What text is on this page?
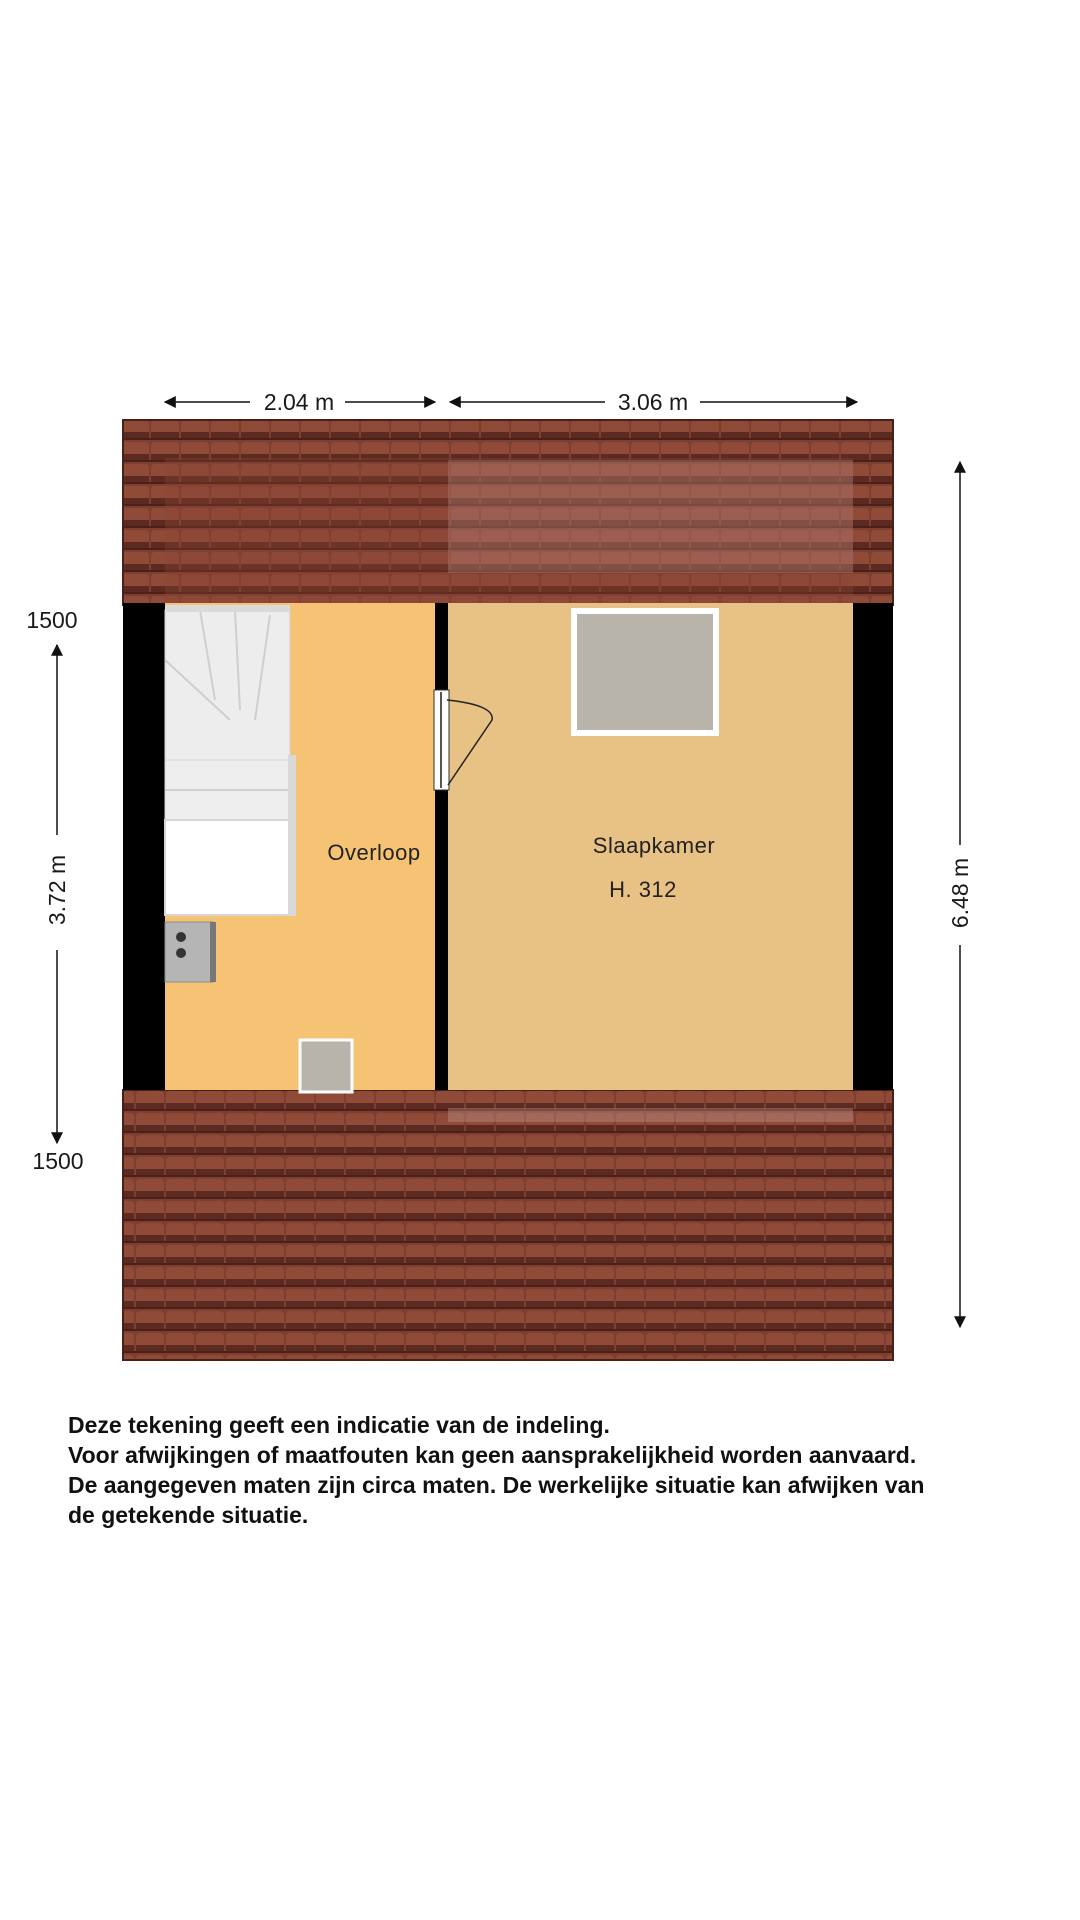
2.04 m	3.06 m
1500
1500
3.72 m	6.48 m
Overloop	Slaapkamer
H. 312
Deze tekening geeft een indicatie van de indeling.
Voor afwijkingen of maatfouten kan geen aansprakelijkheid worden aanvaard.
De aangegeven maten zijn circa maten. De werkelijke situatie kan afwijken van
de getekende situatie.
